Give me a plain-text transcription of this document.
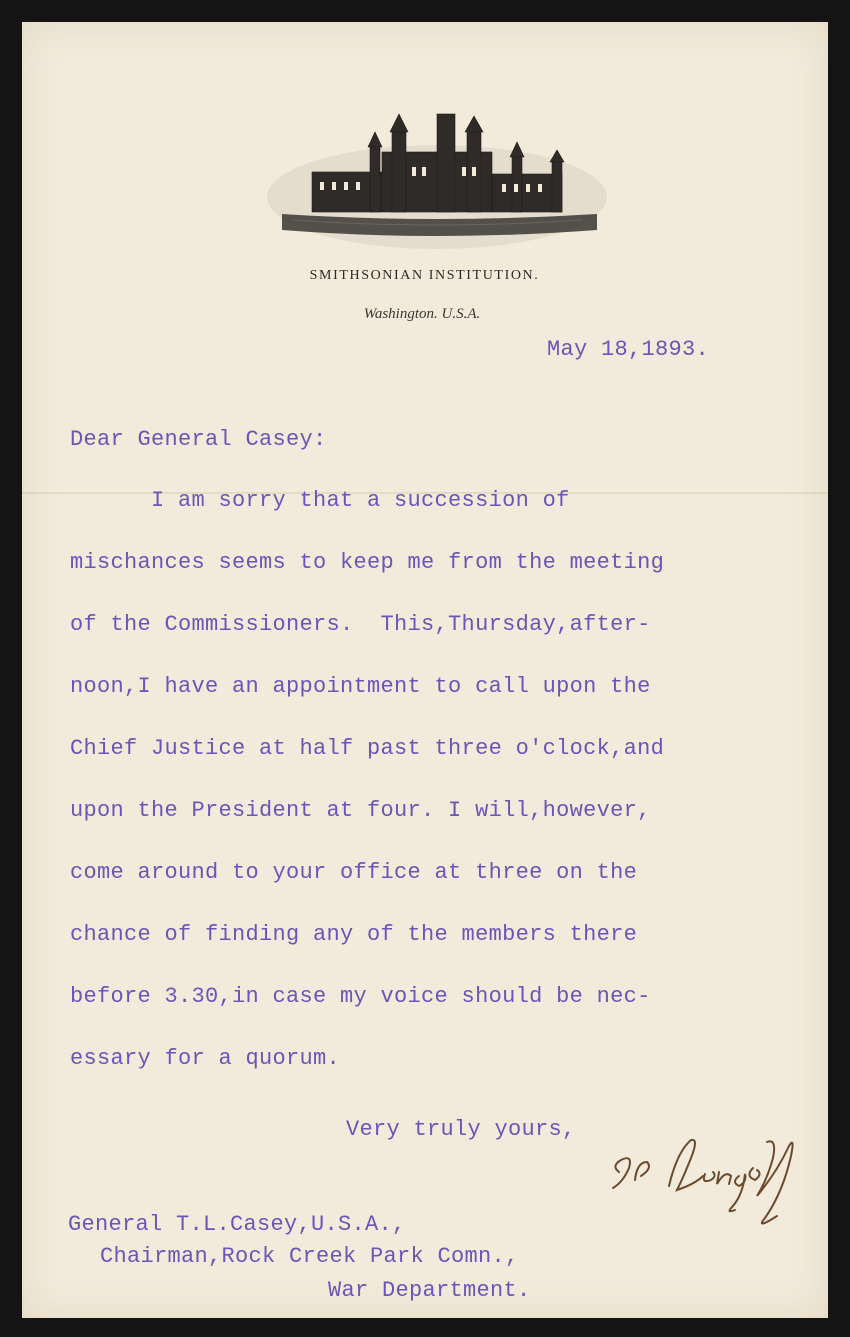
SMITHSONIAN INSTITUTION.
Washington. U.S.A.
May 18,1893.
Dear General Casey:
I am sorry that a succession of
mischances seems to keep me from the meeting
of the Commissioners.  This,Thursday,after-
noon,I have an appointment to call upon the
Chief Justice at half past three o'clock,and
upon the President at four. I will,however,
come around to your office at three on the
chance of finding any of the members there
before 3.30,in case my voice should be nec-
essary for a quorum.
Very truly yours,
General T.L.Casey,U.S.A.,
Chairman,Rock Creek Park Comn.,
War Department.
